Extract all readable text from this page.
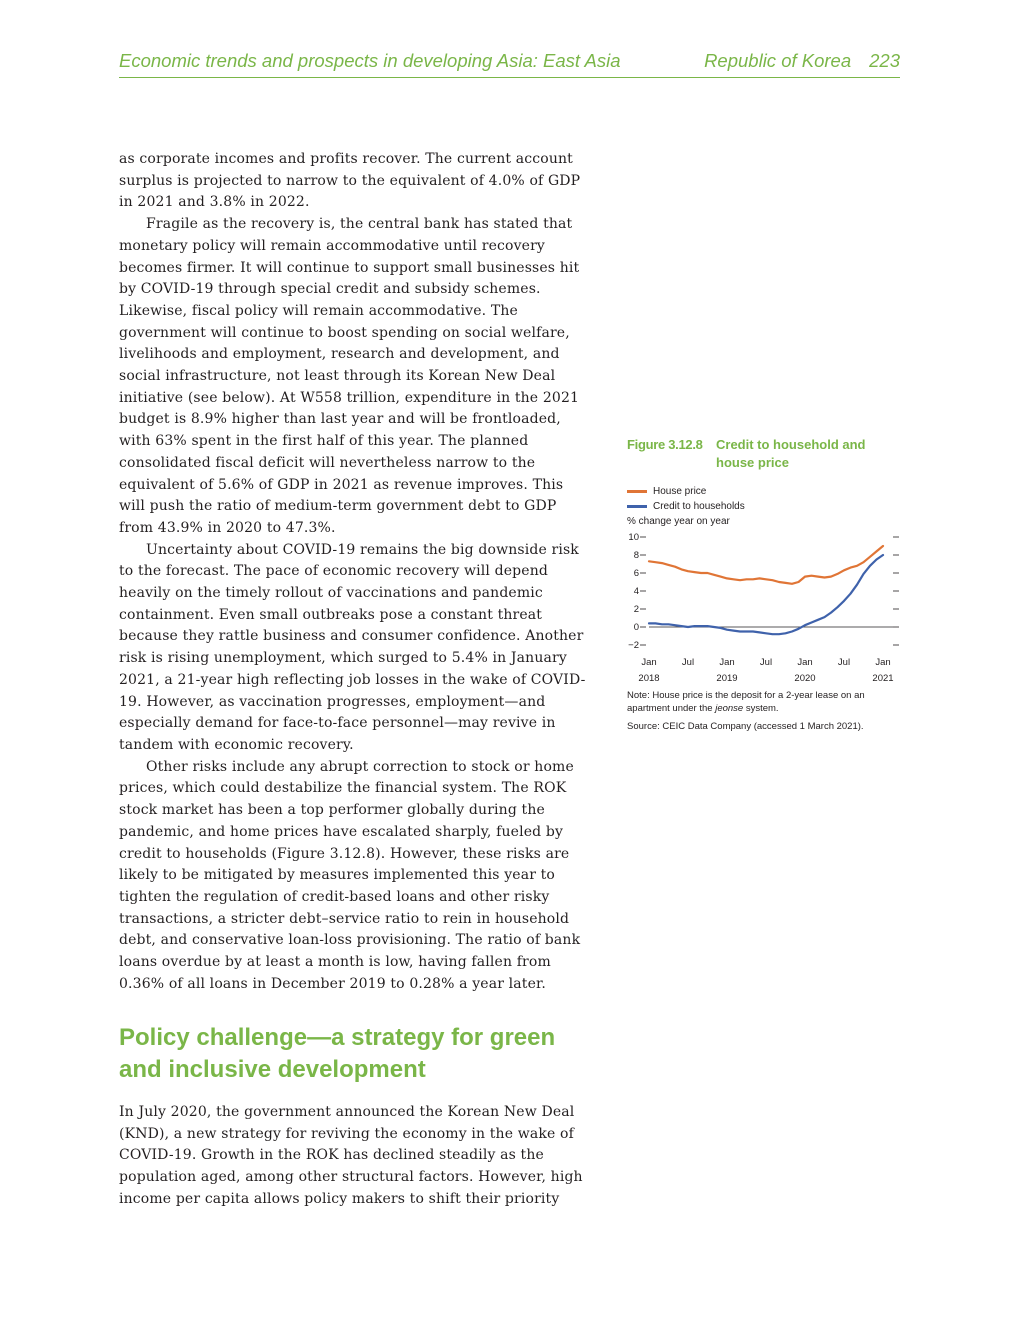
Economic trends and prospects in developing Asia: East Asia	Republic of Korea 223

as corporate incomes and profits recover. The current account surplus is projected to narrow to the equivalent of 4.0% of GDP in 2021 and 3.8% in 2022.

Fragile as the recovery is, the central bank has stated that monetary policy will remain accommodative until recovery becomes firmer. It will continue to support small businesses hit by COVID-19 through special credit and subsidy schemes. Likewise, fiscal policy will remain accommodative. The government will continue to boost spending on social welfare, livelihoods and employment, research and development, and social infrastructure, not least through its Korean New Deal initiative (see below). At W558 trillion, expenditure in the 2021 budget is 8.9% higher than last year and will be frontloaded, with 63% spent in the first half of this year. The planned consolidated fiscal deficit will nevertheless narrow to the equivalent of 5.6% of GDP in 2021 as revenue improves. This will push the ratio of medium-term government debt to GDP from 43.9% in 2020 to 47.3%.

Uncertainty about COVID-19 remains the big downside risk to the forecast. The pace of economic recovery will depend heavily on the timely rollout of vaccinations and pandemic containment. Even small outbreaks pose a constant threat because they rattle business and consumer confidence. Another risk is rising unemployment, which surged to 5.4% in January 2021, a 21-year high reflecting job losses in the wake of COVID-19. However, as vaccination progresses, employment—and especially demand for face-to-face personnel—may revive in tandem with economic recovery.

Other risks include any abrupt correction to stock or home prices, which could destabilize the financial system. The ROK stock market has been a top performer globally during the pandemic, and home prices have escalated sharply, fueled by credit to households (Figure 3.12.8). However, these risks are likely to be mitigated by measures implemented this year to tighten the regulation of credit-based loans and other risky transactions, a stricter debt–service ratio to rein in household debt, and conservative loan-loss provisioning. The ratio of bank loans overdue by at least a month is low, having fallen from 0.36% of all loans in December 2019 to 0.28% a year later.

Policy challenge—a strategy for green and inclusive development

In July 2020, the government announced the Korean New Deal (KND), a new strategy for reviving the economy in the wake of COVID-19. Growth in the ROK has declined steadily as the population aged, among other structural factors. However, high income per capita allows policy makers to shift their priority

Figure 3.12.8	Credit to household and house price
House price
Credit to households
% change year on year
10
8
6
4
2
0
−2
Jan
2018
Jul	Jan
2019
Jul	Jan
2020
Jul	Jan
2021
Note: House price is the deposit for a 2-year lease on an apartment under the jeonse system.
Source: CEIC Data Company (accessed 1 March 2021).
